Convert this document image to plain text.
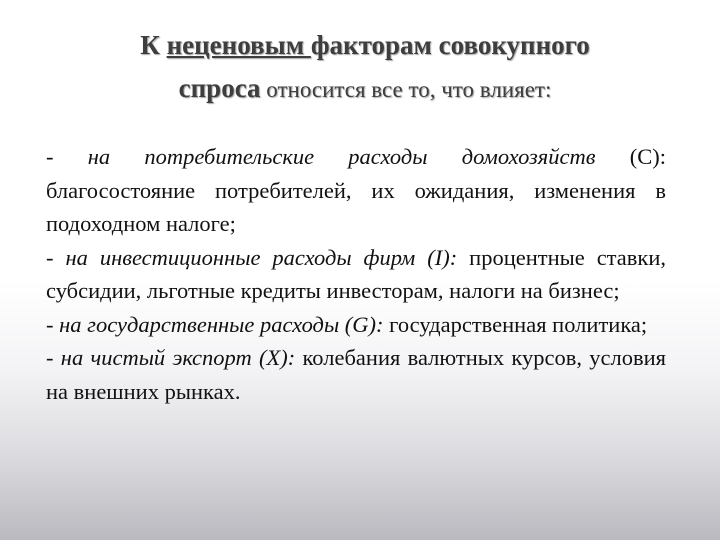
К неценовым факторам совокупного
спроса относится все то, что влияет:

- на потребительские расходы домохозяйств (С): благосостояние потребителей, их ожидания, изменения в подоходном налоге;

- на инвестиционные расходы фирм (I): процентные ставки, субсидии, льготные кредиты инвесторам, налоги на бизнес;

- на государственные расходы (G): государственная политика;

- на чистый экспорт (X): колебания валютных курсов, условия на внешних рынках.
